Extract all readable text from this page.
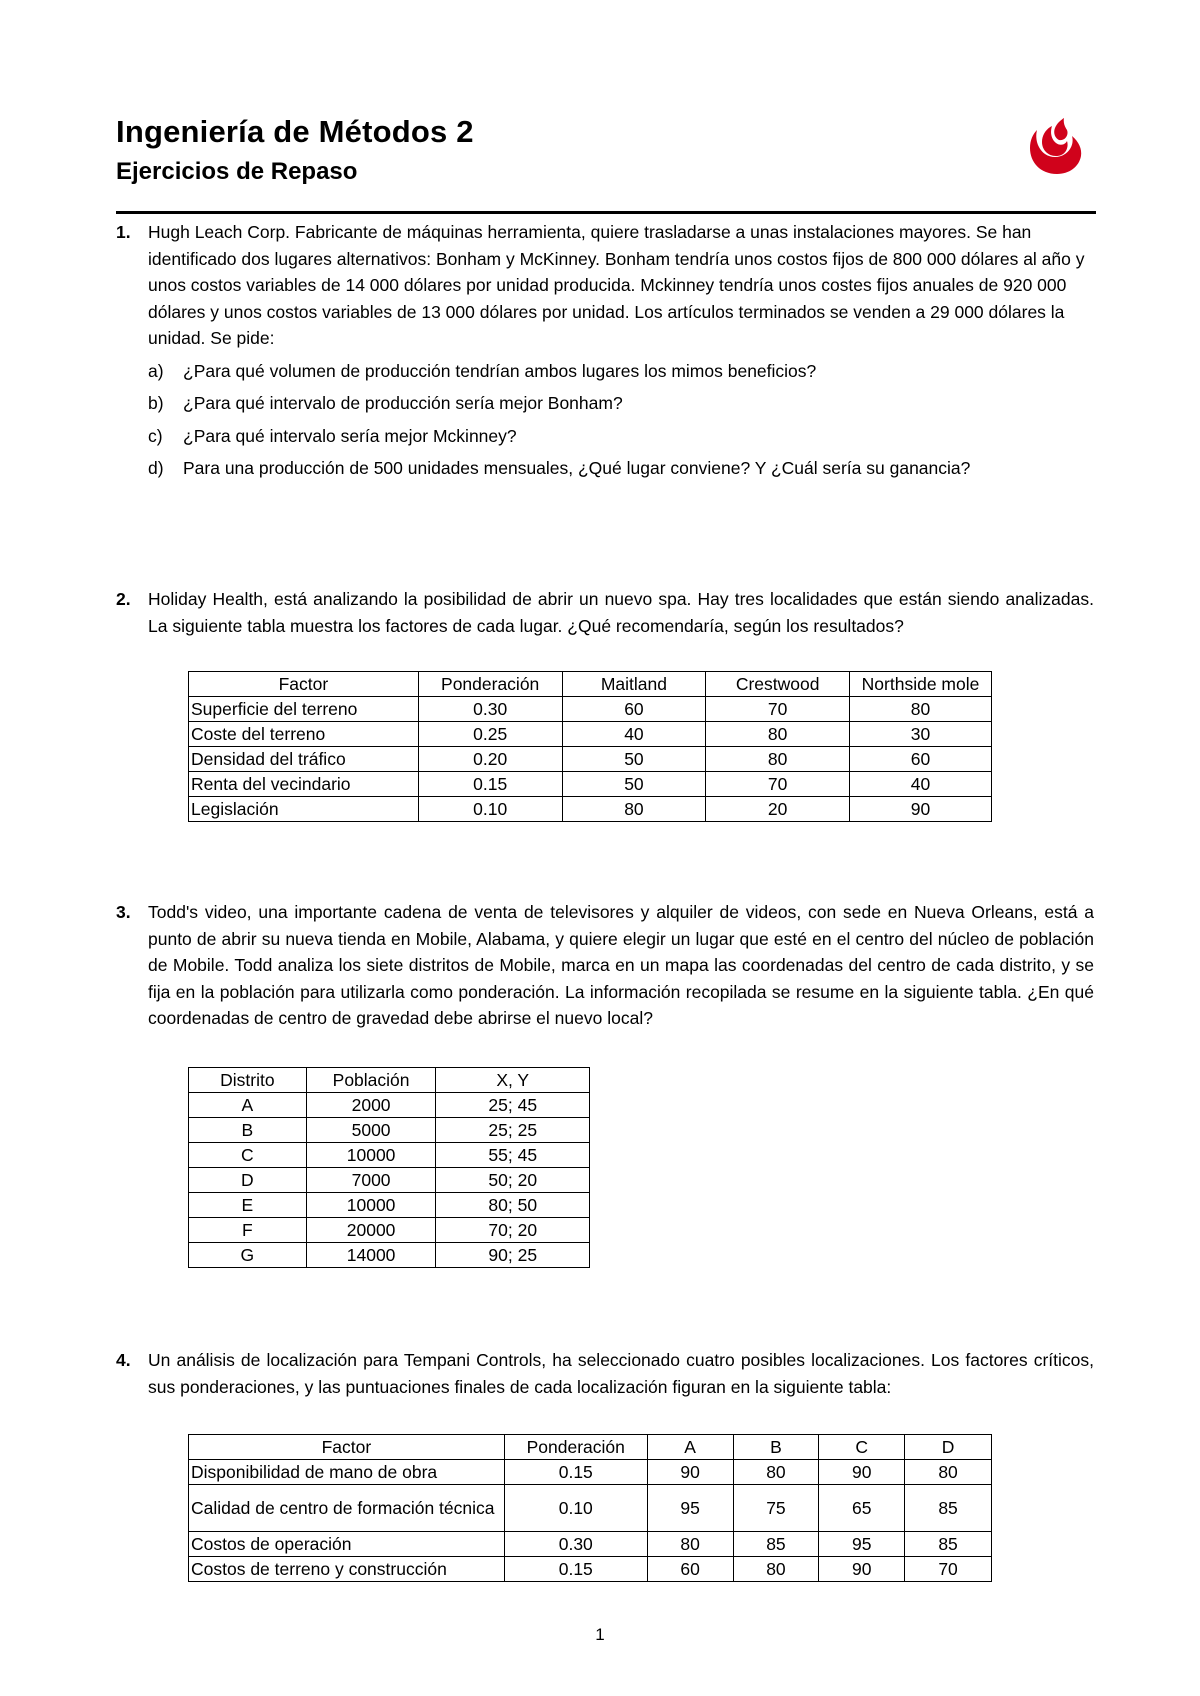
Ingeniería de Métodos 2
Ejercicios de Repaso
1. Hugh Leach Corp. Fabricante de máquinas herramienta, quiere trasladarse a unas instalaciones mayores. Se han identificado dos lugares alternativos: Bonham y McKinney. Bonham tendría unos costos fijos de 800 000 dólares al año y unos costos variables de 14 000 dólares por unidad producida. Mckinney tendría unos costes fijos anuales de 920 000 dólares y unos costos variables de 13 000 dólares por unidad. Los artículos terminados se venden a 29 000 dólares la unidad. Se pide:

a) ¿Para qué volumen de producción tendrían ambos lugares los mimos beneficios?
b) ¿Para qué intervalo de producción sería mejor Bonham?
c) ¿Para qué intervalo sería mejor Mckinney?
d) Para una producción de 500 unidades mensuales, ¿Qué lugar conviene? Y ¿Cuál sería su ganancia?
2. Holiday Health, está analizando la posibilidad de abrir un nuevo spa. Hay tres localidades que están siendo analizadas. La siguiente tabla muestra los factores de cada lugar. ¿Qué recomendaría, según los resultados?

Factor	Ponderación	Maitland	Crestwood	Northside mole
Superficie del terreno	0.30	60	70	80
Coste del terreno	0.25	40	80	30
Densidad del tráfico	0.20	50	80	60
Renta del vecindario	0.15	50	70	40
Legislación	0.10	80	20	90
3. Todd's video, una importante cadena de venta de televisores y alquiler de videos, con sede en Nueva Orleans, está a punto de abrir su nueva tienda en Mobile, Alabama, y quiere elegir un lugar que esté en el centro del núcleo de población de Mobile. Todd analiza los siete distritos de Mobile, marca en un mapa las coordenadas del centro de cada distrito, y se fija en la población para utilizarla como ponderación. La información recopilada se resume en la siguiente tabla. ¿En qué coordenadas de centro de gravedad debe abrirse el nuevo local?

Distrito	Población	X, Y
A	2000	25; 45
B	5000	25; 25
C	10000	55; 45
D	7000	50; 20
E	10000	80; 50
F	20000	70; 20
G	14000	90; 25
4. Un análisis de localización para Tempani Controls, ha seleccionado cuatro posibles localizaciones. Los factores críticos, sus ponderaciones, y las puntuaciones finales de cada localización figuran en la siguiente tabla:

Factor	Ponderación	A	B	C	D
Disponibilidad de mano de obra	0.15	90	80	90	80
Calidad de centro de formación técnica	0.10	95	75	65	85
Costos de operación	0.30	80	85	95	85
Costos de terreno y construcción	0.15	60	80	90	70
1
